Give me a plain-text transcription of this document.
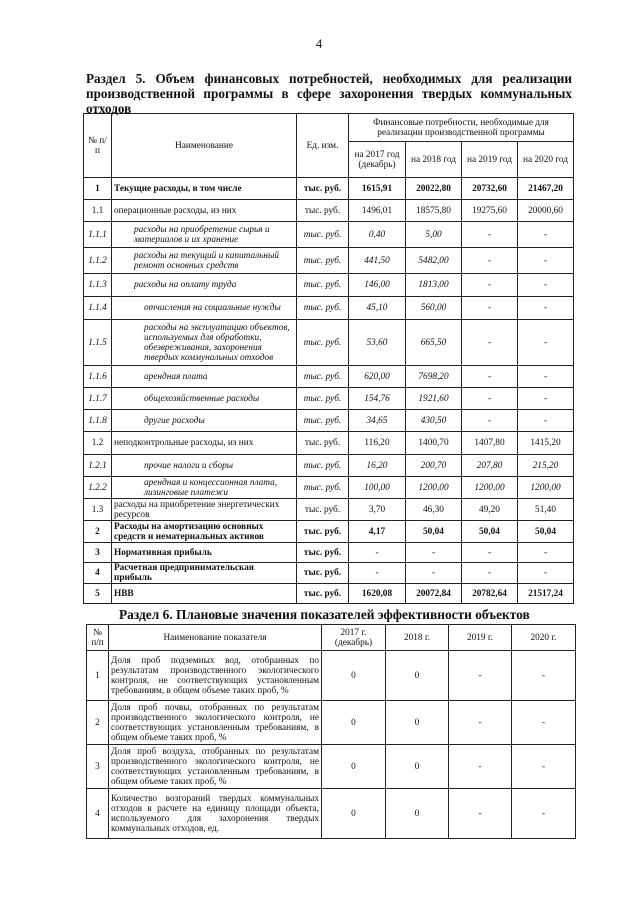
4
Раздел 5. Объем финансовых потребностей, необходимых для реализации производственной программы в сфере захоронения твердых коммунальных отходов
№ п/п	Наименование	Ед. изм.	Финансовые потребности, необходимые для реализации производственной программы			
			на 2017 год (декабрь)	на 2018 год	на 2019 год	на 2020 год
1	Текущие расходы, в том числе	тыс. руб.	1615,91	20022,80	20732,60	21467,20
1.1	операционные расходы, из них	тыс. руб.	1496,01	18575,80	19275,60	20000,60
1.1.1	расходы на приобретение сырья и материалов и их хранение	тыс. руб.	0,40	5,00	-	-
1.1.2	расходы на текущий и капитальный ремонт основных средств	тыс. руб.	441,50	5482,00	-	-
1.1.3	расходы на оплату труда	тыс. руб.	146,00	1813,00	-	-
1.1.4	отчисления на социальные нужды	тыс. руб.	45,10	560,00	-	-
1.1.5	расходы на эксплуатацию объектов, используемых для обработки, обезвреживания, захоронения твердых коммунальных отходов	тыс. руб.	53,60	665,50	-	-
1.1.6	арендная плата	тыс. руб.	620,00	7698,20	-	-
1.1.7	общехозяйственные расходы	тыс. руб.	154,76	1921,60	-	-
1.1.8	другие расходы	тыс. руб.	34,65	430,50	-	-
1.2	неподконтрольные расходы, из них	тыс. руб.	116,20	1400,70	1407,80	1415,20
1.2.1	прочие налоги и сборы	тыс. руб.	16,20	200,70	207,80	215,20
1.2.2	арендная и концессионная плата, лизинговые платежи	тыс. руб.	100,00	1200,00	1200,00	1200,00
1.3	расходы на приобретение энергетических ресурсов	тыс. руб.	3,70	46,30	49,20	51,40
2	Расходы на амортизацию основных средств и нематериальных активов	тыс. руб.	4,17	50,04	50,04	50,04
3	Нормативная прибыль	тыс. руб.	-	-	-	-
4	Расчетная предпринимательская прибыль	тыс. руб.	-	-	-	-
5	НВВ	тыс. руб.	1620,08	20072,84	20782,64	21517,24
Раздел 6. Плановые значения показателей эффективности объектов
№ п/п	Наименование показателя	2017 г. (декабрь)	2018 г.	2019 г.	2020 г.
1	Доля проб подземных вод, отобранных по результатам производственного экологического контроля, не соответствующих установленным требованиям, в общем объеме таких проб, %	0	0	-	-
2	Доля проб почвы, отобранных по результатам производственного экологического контроля, не соответствующих установленным требованиям, в общем объеме таких проб, %	0	0	-	-
3	Доля проб воздуха, отобранных по результатам производственного экологического контроля, не соответствующих установленным требованиям, в общем объеме таких проб, %	0	0	-	-
4	Количество возгораний твердых коммунальных отходов в расчете на единицу площади объекта, используемого для захоронения твердых коммунальных отходов, ед.	0	0	-	-
